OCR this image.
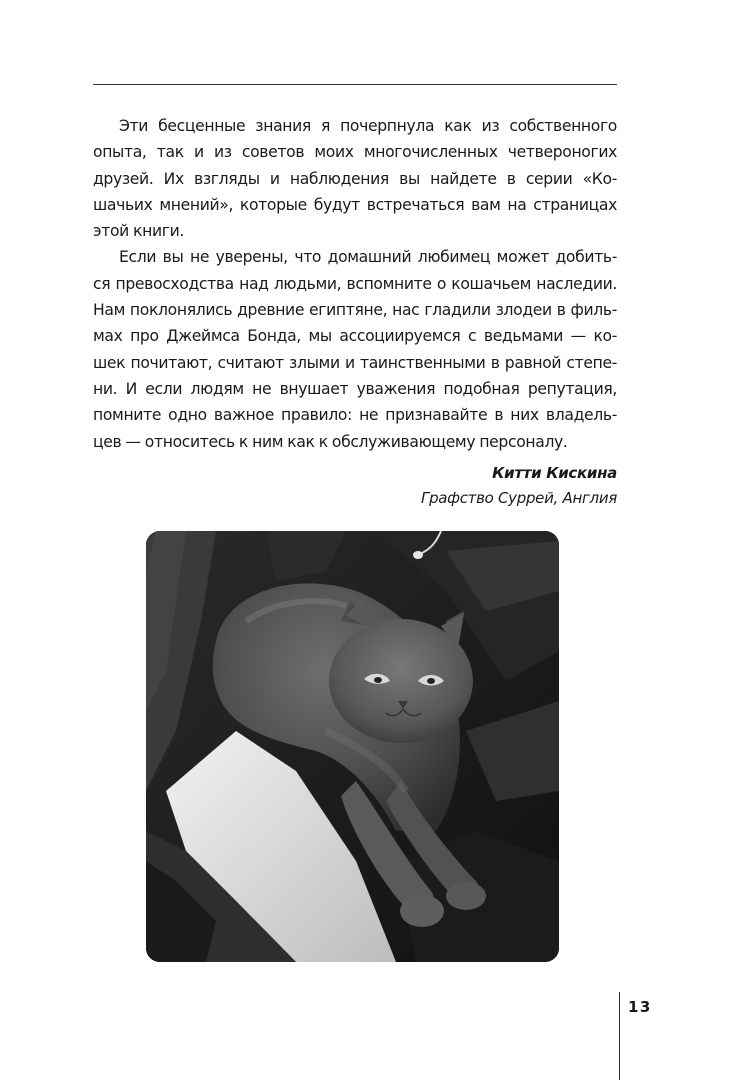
Эти бесценные знания я почерпнула как из собственного
опыта, так и из советов моих многочисленных четвероногих
друзей. Их взгляды и наблюдения вы найдете в серии «Ко-
шачьих мнений», которые будут встречаться вам на страницах
этой книги.
Если вы не уверены, что домашний любимец может добить-
ся превосходства над людьми, вспомните о кошачьем наследии.
Нам поклонялись древние египтяне, нас гладили злодеи в филь-
мах про Джеймса Бонда, мы ассоциируемся с ведьмами — ко-
шек почитают, считают злыми и таинственными в равной степе-
ни. И если людям не внушает уважения подобная репутация,
помните одно важное правило: не признавайте в них владель-
цев — относитесь к ним как к обслуживающему персоналу.
Китти Кискина
Графство Суррей, Англия
13
